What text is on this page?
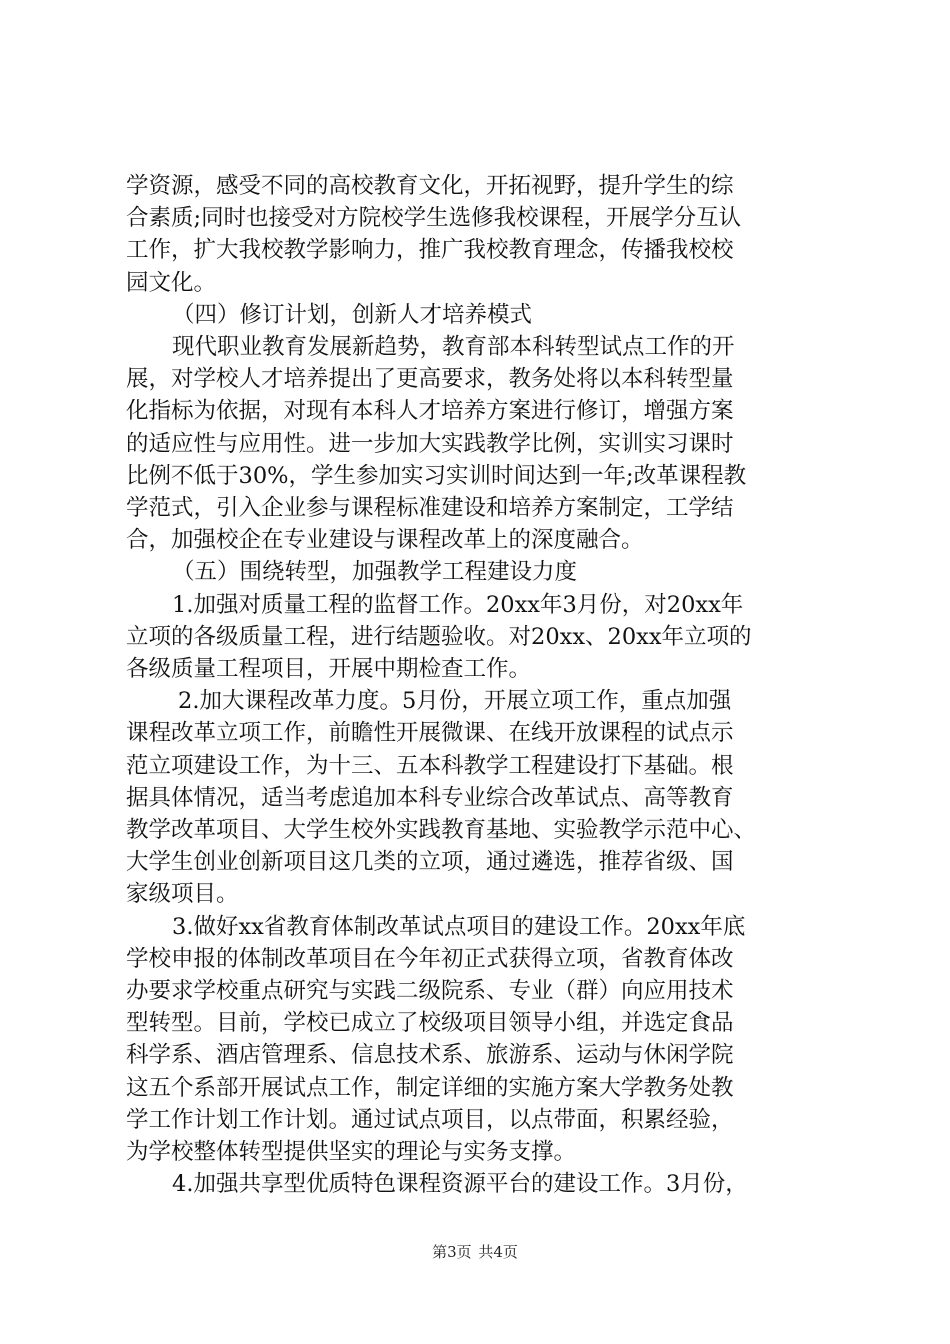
学资源，感受不同的高校教育文化，开拓视野，提升学生的综
合素质;同时也接受对方院校学生选修我校课程，开展学分互认
工作，扩大我校教学影响力，推广我校教育理念，传播我校校
园文化。
（四）修订计划，创新人才培养模式
现代职业教育发展新趋势，教育部本科转型试点工作的开
展，对学校人才培养提出了更高要求，教务处将以本科转型量
化指标为依据，对现有本科人才培养方案进行修订，增强方案
的适应性与应用性。进一步加大实践教学比例，实训实习课时
比例不低于30%，学生参加实习实训时间达到一年;改革课程教
学范式，引入企业参与课程标准建设和培养方案制定，工学结
合，加强校企在专业建设与课程改革上的深度融合。
（五）围绕转型，加强教学工程建设力度
1.加强对质量工程的监督工作。20xx年3月份，对20xx年
立项的各级质量工程，进行结题验收。对20xx、20xx年立项的
各级质量工程项目，开展中期检查工作。
2.加大课程改革力度。5月份，开展立项工作，重点加强
课程改革立项工作，前瞻性开展微课、在线开放课程的试点示
范立项建设工作，为十三、五本科教学工程建设打下基础。根
据具体情况，适当考虑追加本科专业综合改革试点、高等教育
教学改革项目、大学生校外实践教育基地、实验教学示范中心、
大学生创业创新项目这几类的立项，通过遴选，推荐省级、国
家级项目。
3.做好xx省教育体制改革试点项目的建设工作。20xx年底
学校申报的体制改革项目在今年初正式获得立项，省教育体改
办要求学校重点研究与实践二级院系、专业（群）向应用技术
型转型。目前，学校已成立了校级项目领导小组，并选定食品
科学系、酒店管理系、信息技术系、旅游系、运动与休闲学院
这五个系部开展试点工作，制定详细的实施方案大学教务处教
学工作计划工作计划。通过试点项目，以点带面，积累经验，
为学校整体转型提供坚实的理论与实务支撑。
4.加强共享型优质特色课程资源平台的建设工作。3月份，
第3页 共4页
